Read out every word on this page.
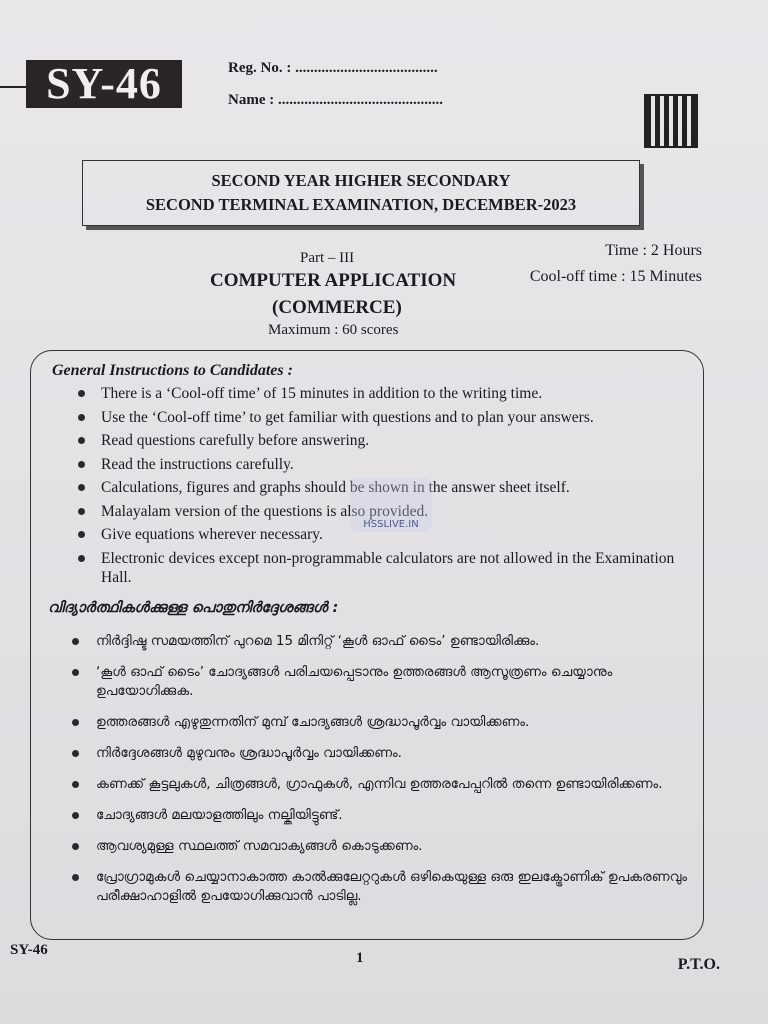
SY-46	Reg. No. : ......................................
Name : ............................................
SECOND YEAR HIGHER SECONDARY
SECOND TERMINAL EXAMINATION, DECEMBER-2023
Part – III
COMPUTER APPLICATION
(COMMERCE)
Maximum : 60 scores
Time : 2 Hours
Cool-off time : 15 Minutes
General Instructions to Candidates :
There is a ‘Cool-off time’ of 15 minutes in addition to the writing time.
Use the ‘Cool-off time’ to get familiar with questions and to plan your answers.
Read questions carefully before answering.
Read the instructions carefully.
Calculations, figures and graphs should be shown in the answer sheet itself.
Malayalam version of the questions is also provided.
Give equations wherever necessary.
Electronic devices except non-programmable calculators are not allowed in the Examination Hall.
HSSLIVE.IN
വിദ്യാർത്ഥികൾക്കുള്ള പൊതുനിർദ്ദേശങ്ങൾ :
നിർദ്ദിഷ്ട സമയത്തിന് പുറമെ 15 മിനിറ്റ് ‘കൂൾ ഓഫ് ടൈം’ ഉണ്ടായിരിക്കും.
‘കൂൾ ഓഫ് ടൈം’ ചോദ്യങ്ങൾ പരിചയപ്പെടാനും ഉത്തരങ്ങൾ ആസൂത്രണം ചെയ്യാനും ഉപയോഗിക്കുക.
ഉത്തരങ്ങൾ എഴുതുന്നതിന് മുമ്പ് ചോദ്യങ്ങൾ ശ്രദ്ധാപൂർവ്വം വായിക്കണം.
നിർദ്ദേശങ്ങൾ മുഴുവനും ശ്രദ്ധാപൂർവ്വം വായിക്കണം.
കണക്ക് കൂട്ടലുകൾ, ചിത്രങ്ങൾ, ഗ്രാഫുകൾ, എന്നിവ ഉത്തരപേപ്പറിൽ തന്നെ ഉണ്ടായിരിക്കണം.
ചോദ്യങ്ങൾ മലയാളത്തിലും നല്കിയിട്ടുണ്ട്.
ആവശ്യമുള്ള സ്ഥലത്ത് സമവാക്യങ്ങൾ കൊടുക്കണം.
പ്രോഗ്രാമുകൾ ചെയ്യാനാകാത്ത കാൽക്കുലേറ്ററുകൾ ഒഴികെയുള്ള ഒരു ഇലക്ട്രോണിക് ഉപകരണവും പരീക്ഷാഹാളിൽ ഉപയോഗിക്കുവാൻ പാടില്ല.
SY-46	1	P.T.O.
